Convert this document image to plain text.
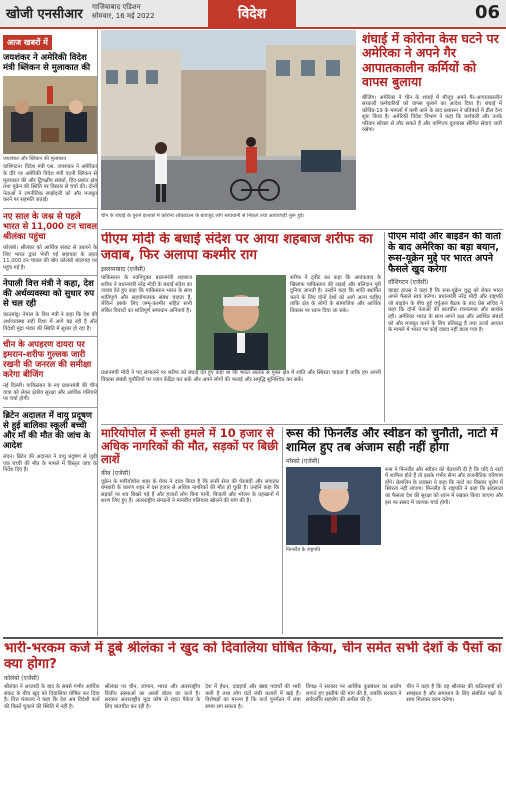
खोजी एनसीआर गाजियाबाद एडिशन
सोमवार, 16 मई 2022	विदेश	06
आज खबरों में
जयशंकर ने अमेरिकी विदेश मंत्री ब्लिंकन से मुलाकात की
जयशंकर और ब्लिंकन की मुलाकात
वाशिंगटन। विदेश मंत्री एस. जयशंकर ने अमेरिका के दौरे पर अमेरिकी विदेश मंत्री एंटनी ब्लिंकन से मुलाकात की और द्विपक्षीय संबंधों, हिंद-प्रशांत क्षेत्र तथा यूक्रेन की स्थिति पर विस्तार से चर्चा की। दोनों नेताओं ने रणनीतिक साझेदारी को और मजबूत करने पर सहमति जताई।
नए साल के जश्न से पहले भारत से 11,000 टन चावल श्रीलंका पहुंचा
कोलंबो। श्रीलंका को आर्थिक संकट से उबारने के लिए भारत द्वारा भेजी गई सहायता के तहत 11,000 टन चावल की खेप कोलंबो बंदरगाह पर पहुंच गई है।
नेपाली वित्त मंत्री ने कहा, देश की अर्थव्यवस्था को सुधार रुप से चल रही
काठमांडू। नेपाल के वित्त मंत्री ने कहा कि देश की अर्थव्यवस्था सही दिशा में आगे बढ़ रही है और विदेशी मुद्रा भंडार की स्थिति में सुधार हो रहा है।
चीन के अपहरण दायरा पर इमरान-शरीफ गुल्लक जारी रखनी की जनरल की समीक्षा करेगा बीजिंग
नई दिल्ली। पाकिस्तान के नए प्रधानमंत्री की चीन यात्रा को लेकर क्षेत्रीय सुरक्षा और आर्थिक गलियारे पर चर्चा होगी।
ब्रिटेन अदालत में वायु प्रदूषण से हुई बालिका स्कूली बच्ची और माँ की मौत की जांच के आदेश
लंदन। ब्रिटेन की अदालत ने वायु प्रदूषण से जुड़ी एक बच्ची की मौत के मामले में विस्तृत जांच के निर्देश दिए हैं।
चीन के शंघाई के पुराने इलाकों में कोरोना लॉकडाउन के बावजूद लोग सावधानी से निकले तथा आवाजाही शुरू हुई।
शंघाई में कोरोना केस घटने पर अमेरिका ने अपने गैर आपातकालीन कर्मियों को वापस बुलाया
बीजिंग। अमेरिका ने चीन के शंघाई में मौजूद अपने गैर-आपातकालीन सरकारी कर्मचारियों को वापस बुलाने का आदेश दिया है। शंघाई में कोविड-19 के मामलों में कमी आने के बाद प्रशासन ने प्रतिबंधों में ढील देना शुरू किया है। अमेरिकी विदेश विभाग ने कहा कि कर्मचारी और उनके परिवार स्वेच्छा से लौट सकते हैं और वाणिज्य दूतावास सीमित सेवाएं जारी रखेगा।
पीएम मोदी के बधाई संदेश पर आया शहबाज शरीफ का जवाब, फिर अलापा कश्मीर राग
इस्लामाबाद (एजेंसी)
पाकिस्तान के नवनियुक्त प्रधानमंत्री शहबाज शरीफ ने प्रधानमंत्री नरेंद्र मोदी के बधाई संदेश का जवाब देते हुए कहा कि पाकिस्तान भारत के साथ शांतिपूर्ण और सहयोगात्मक संबंध चाहता है, लेकिन इसके लिए जम्मू-कश्मीर सहित सभी लंबित विवादों का शांतिपूर्ण समाधान अनिवार्य है।
शरीफ ने ट्वीट कर कहा कि आतंकवाद के खिलाफ पाकिस्तान की लड़ाई और बलिदान पूरी दुनिया जानती है। उन्होंने कहा कि शांति स्थापित करने के लिए दोनों देशों को आगे आना चाहिए ताकि क्षेत्र के लोगों के सामाजिक और आर्थिक विकास पर ध्यान दिया जा सके।
प्रधानमंत्री मोदी ने पद संभालने पर शरीफ को बधाई देते हुए कहा था कि भारत आतंक से मुक्त क्षेत्र में शांति और स्थिरता चाहता है ताकि हम अपनी विकास संबंधी चुनौतियों पर ध्यान केंद्रित कर सकें और अपने लोगों की भलाई और समृद्धि सुनिश्चित कर सकें।
पीएम मोदी और बाइडेन की वार्ता के बाद अमेरिका का बड़ा बयान, रूस-यूक्रेन मुद्दे पर भारत अपने फैसले खुद करेगा
वॉशिंगटन (एजेंसी)
व्हाइट हाउस ने कहा है कि रूस-यूक्रेन युद्ध को लेकर भारत अपने फैसले स्वयं करेगा। प्रधानमंत्री नरेंद्र मोदी और राष्ट्रपति जो बाइडेन के बीच हुई वर्चुअल बैठक के बाद प्रेस सचिव ने कहा कि दोनों नेताओं की बातचीत रचनात्मक और सार्थक रही। अमेरिका भारत के साथ अपने रक्षा और आर्थिक संबंधों को और मजबूत करने के लिए प्रतिबद्ध है तथा ऊर्जा आयात के मामले में भारत पर कोई दबाव नहीं डाला गया है।
मारियोपोल में रूसी हमले में 10 हजार से अधिक नागरिकों की मौत, सड़कों पर बिछी लाशें
कीव (एजेंसी)
यूक्रेन के मारियोपोल शहर के मेयर ने दावा किया है कि रूसी सेना की घेराबंदी और लगातार बमबारी के कारण शहर में दस हजार से अधिक नागरिकों की मौत हो चुकी है। उन्होंने कहा कि सड़कों पर शव बिखरे पड़े हैं और हजारों लोग बिना पानी, बिजली और भोजन के तहखानों में शरण लिए हुए हैं। अंतरराष्ट्रीय संगठनों ने मानवीय गलियारा खोलने की मांग की है।
रूस की फिनलैंड और स्वीडन को चुनौती, नाटो में शामिल हुए तब अंजाम सही नहीं होगा
मॉस्को (एजेंसी)
फिनलैंड के राष्ट्रपति
रूस ने फिनलैंड और स्वीडन को चेतावनी दी है कि यदि वे नाटो में शामिल होते हैं तो इसके गंभीर सैन्य और राजनीतिक परिणाम होंगे। क्रेमलिन के प्रवक्ता ने कहा कि नाटो का विस्तार यूरोप में स्थिरता नहीं लाएगा। फिनलैंड के राष्ट्रपति ने कहा कि सदस्यता का फैसला देश की सुरक्षा को ध्यान में रखकर किया जाएगा और इस पर संसद में व्यापक चर्चा होगी।
भारी-भरकम कर्ज में डूबे श्रीलंका ने खुद को दिवालिया घोषित किया, चीन समेत सभी देशों के पैसों का क्या होगा?
कोलंबो (एजेंसी)
श्रीलंका ने आजादी के बाद के सबसे गंभीर आर्थिक संकट के बीच खुद को दिवालिया घोषित कर दिया है। वित्त मंत्रालय ने कहा कि देश अब विदेशी कर्ज की किस्तें चुकाने की स्थिति में नहीं है।
श्रीलंका पर चीन, जापान, भारत और अंतरराष्ट्रीय वित्तीय संस्थाओं का अरबों डॉलर का कर्ज है। सरकार अंतरराष्ट्रीय मुद्रा कोष से राहत पैकेज के लिए बातचीत कर रही है।
देश में ईंधन, दवाइयों और खाद्य पदार्थों की भारी कमी है तथा लोग घंटों लंबी कतारों में खड़े हैं। विशेषज्ञों का मानना है कि कर्ज पुनर्गठन में लंबा समय लग सकता है।
विपक्ष ने सरकार पर आर्थिक कुप्रबंधन का आरोप लगाते हुए इस्तीफे की मांग की है, जबकि सरकार ने सर्वदलीय सहयोग की अपील की है।
चीन ने कहा है कि वह श्रीलंका की कठिनाइयों को समझता है और समाधान के लिए संबंधित पक्षों के साथ मिलकर काम करेगा।
